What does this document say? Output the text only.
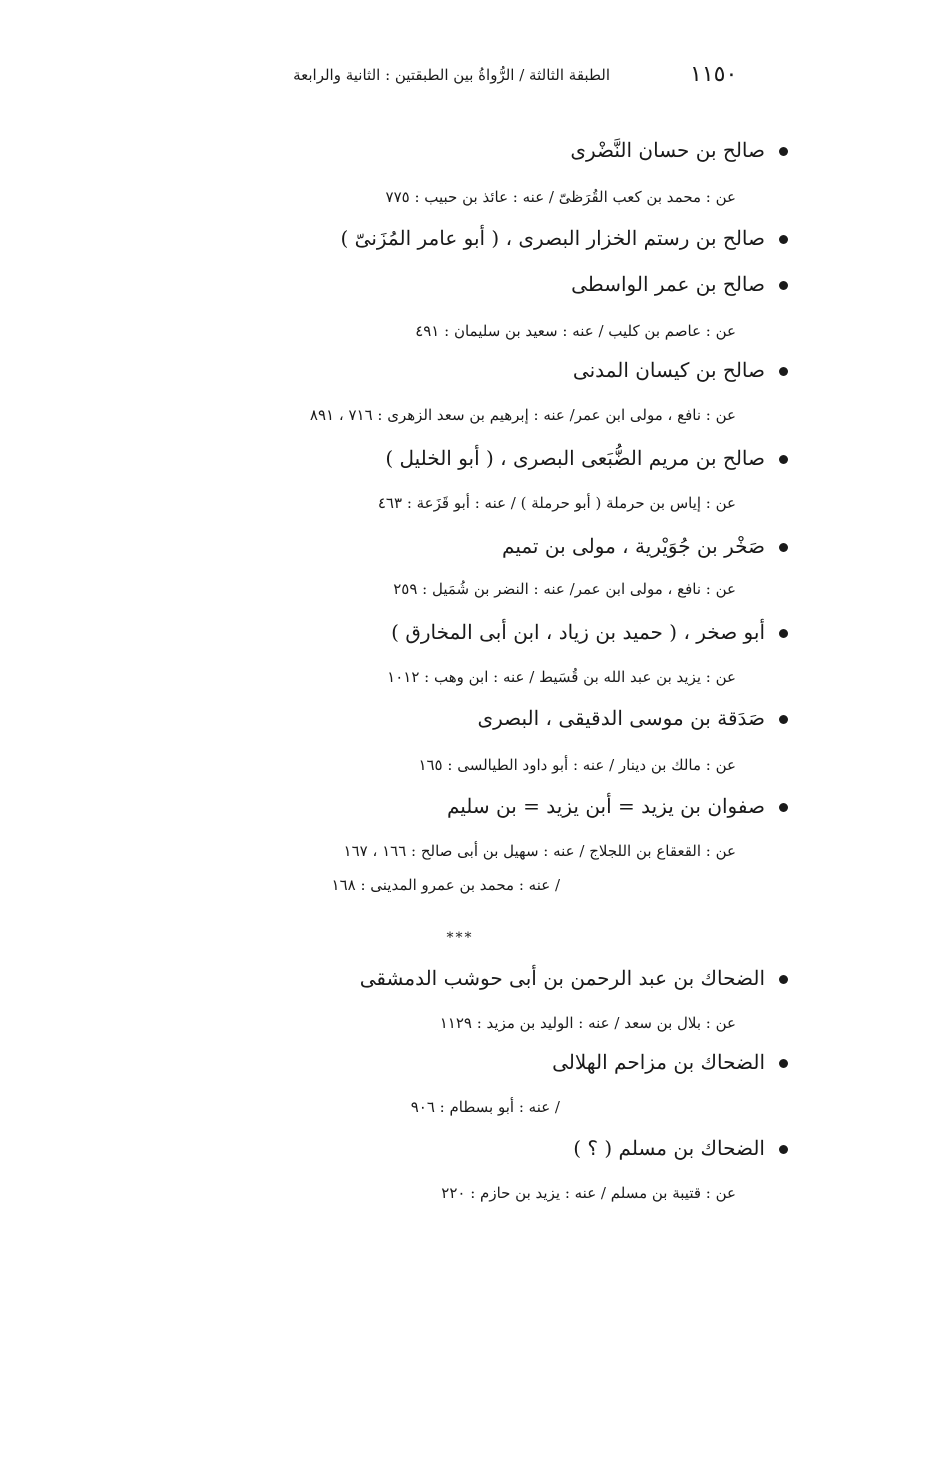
١١٥٠
الطبقة الثالثة / الرُّواةُ بين الطبقتين : الثانية والرابعة
صالح بن حسان النَّضْرى
عن : محمد بن كعب القُرَظىّ / عنه : عائذ بن حبيب : ٧٧٥
صالح بن رستم الخزار البصرى ، ( أبو عامر المُزَنىّ )
صالح بن عمر الواسطى
عن : عاصم بن كليب / عنه : سعيد بن سليمان : ٤٩١
صالح بن كيسان المدنى
عن : نافع ، مولى ابن عمر/ عنه : إبرهيم بن سعد الزهرى : ٧١٦ ، ٨٩١
صالح بن مريم الضُّبَعى البصرى ، ( أبو الخليل )
عن : إياس بن حرملة ( أبو حرملة ) / عنه : أبو قَزَعة : ٤٦٣
صَخْر بن جُوَيْرية ، مولى بن تميم
عن : نافع ، مولى ابن عمر/ عنه : النضر بن شُمَيل : ٢٥٩
أبو صخر ، ( حميد بن زياد ، ابن أبى المخارق )
عن : يزيد بن عبد الله بن قُسَيط / عنه : ابن وهب : ١٠١٢
صَدَقة بن موسى الدقيقى ، البصرى
عن : مالك بن دينار / عنه : أبو داود الطيالسى : ١٦٥
صفوان بن يزيد = أبن يزيد = بن سليم
عن : القعقاع بن اللجلاج / عنه : سهيل بن أبى صالح : ١٦٦ ، ١٦٧
/ عنه : محمد بن عمرو المدينى : ١٦٨
***
الضحاك بن عبد الرحمن بن أبى حوشب الدمشقى
عن : بلال بن سعد / عنه : الوليد بن مزيد : ١١٢٩
الضحاك بن مزاحم الهلالى
/ عنه : أبو بسطام : ٩٠٦
الضحاك بن مسلم ( ؟ )
عن : قتيبة بن مسلم / عنه : يزيد بن حازم : ٢٢٠
